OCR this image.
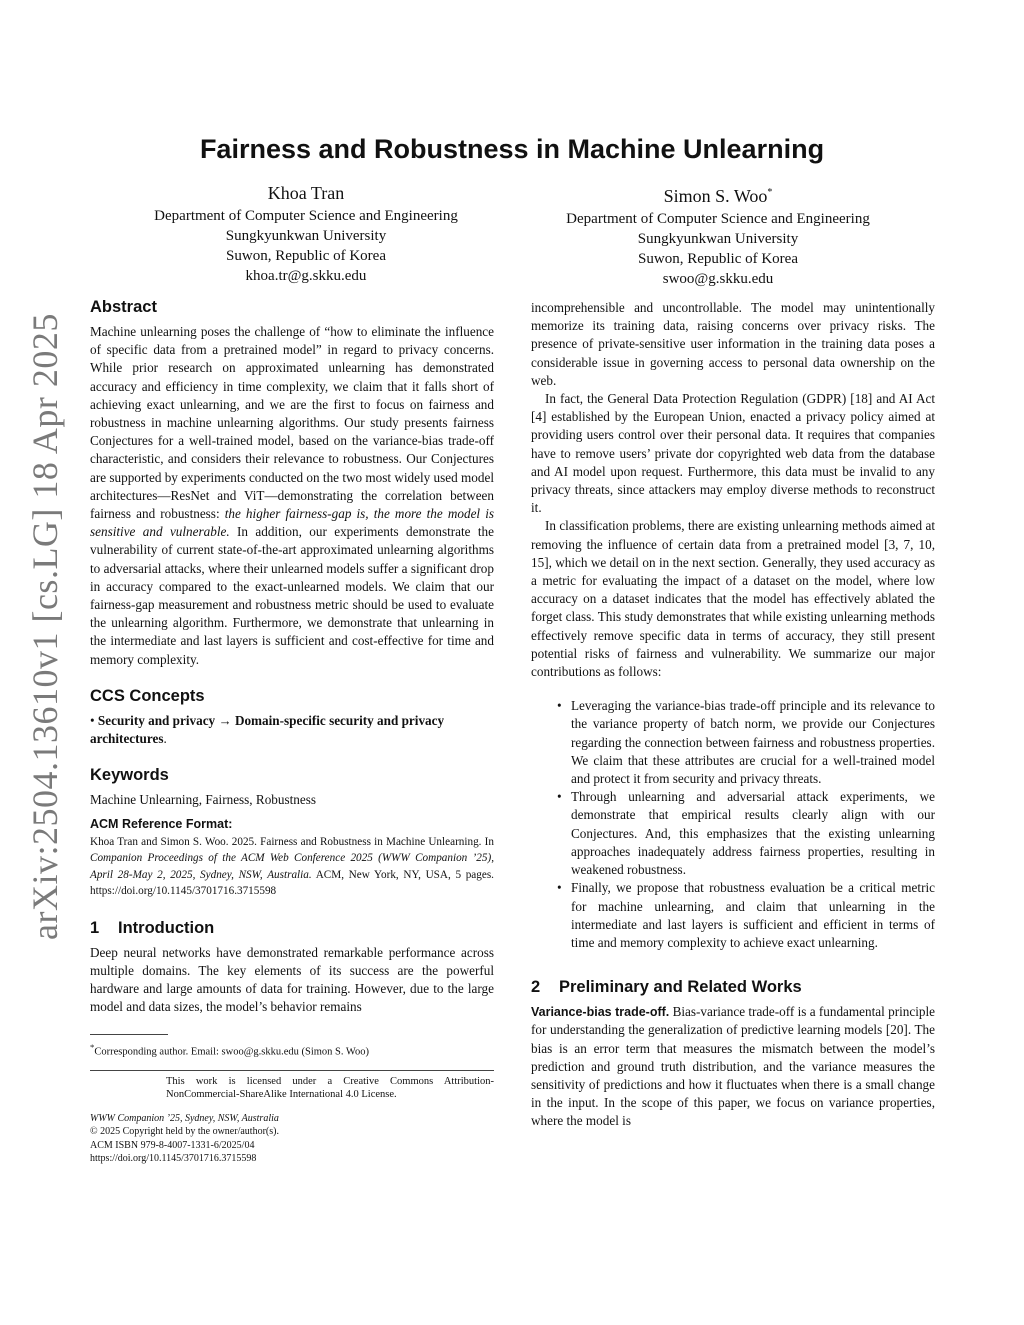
arXiv:2504.13610v1 [cs.LG] 18 Apr 2025
Fairness and Robustness in Machine Unlearning
Khoa Tran
Department of Computer Science and Engineering
Sungkyunkwan University
Suwon, Republic of Korea
khoa.tr@g.skku.edu
Simon S. Woo*
Department of Computer Science and Engineering
Sungkyunkwan University
Suwon, Republic of Korea
swoo@g.skku.edu
Abstract

Machine unlearning poses the challenge of “how to eliminate the influence of specific data from a pretrained model” in regard to privacy concerns. While prior research on approximated unlearning has demonstrated accuracy and efficiency in time complexity, we claim that it falls short of achieving exact unlearning, and we are the first to focus on fairness and robustness in machine unlearning algorithms. Our study presents fairness Conjectures for a well-trained model, based on the variance-bias trade-off characteristic, and considers their relevance to robustness. Our Conjectures are supported by experiments conducted on the two most widely used model architectures—ResNet and ViT—demonstrating the correlation between fairness and robustness: the higher fairness-gap is, the more the model is sensitive and vulnerable. In addition, our experiments demonstrate the vulnerability of current state-of-the-art approximated unlearning algorithms to adversarial attacks, where their unlearned models suffer a significant drop in accuracy compared to the exact-unlearned models. We claim that our fairness-gap measurement and robustness metric should be used to evaluate the unlearning algorithm. Furthermore, we demonstrate that unlearning in the intermediate and last layers is sufficient and cost-effective for time and memory complexity.

CCS Concepts

• Security and privacy → Domain-specific security and privacy architectures.

Keywords

Machine Unlearning, Fairness, Robustness

ACM Reference Format:

Khoa Tran and Simon S. Woo. 2025. Fairness and Robustness in Machine Unlearning. In Companion Proceedings of the ACM Web Conference 2025 (WWW Companion ’25), April 28-May 2, 2025, Sydney, NSW, Australia. ACM, New York, NY, USA, 5 pages. https://doi.org/10.1145/3701716.3715598

1 Introduction

Deep neural networks have demonstrated remarkable performance across multiple domains. The key elements of its success are the powerful hardware and large amounts of data for training. However, due to the large model and data sizes, the model’s behavior remains

*Corresponding author. Email: swoo@g.skku.edu (Simon S. Woo)
This work is licensed under a Creative Commons Attribution-NonCommercial-ShareAlike International 4.0 License.
WWW Companion ’25, Sydney, NSW, Australia
© 2025 Copyright held by the owner/author(s).
ACM ISBN 979-8-4007-1331-6/2025/04
https://doi.org/10.1145/3701716.3715598

incomprehensible and uncontrollable. The model may unintentionally memorize its training data, raising concerns over privacy risks. The presence of private-sensitive user information in the training data poses a considerable issue in governing access to personal data ownership on the web.

In fact, the General Data Protection Regulation (GDPR) [18] and AI Act [4] established by the European Union, enacted a privacy policy aimed at providing users control over their personal data. It requires that companies have to remove users’ private dor copyrighted web data from the database and AI model upon request. Furthermore, this data must be invalid to any privacy threats, since attackers may employ diverse methods to reconstruct it.

In classification problems, there are existing unlearning methods aimed at removing the influence of certain data from a pretrained model [3, 7, 10, 15], which we detail on in the next section. Generally, they used accuracy as a metric for evaluating the impact of a dataset on the model, where low accuracy on a dataset indicates that the model has effectively ablated the forget class. This study demonstrates that while existing unlearning methods effectively remove specific data in terms of accuracy, they still present potential risks of fairness and vulnerability. We summarize our major contributions as follows:

• Leveraging the variance-bias trade-off principle and its relevance to the variance property of batch norm, we provide our Conjectures regarding the connection between fairness and robustness properties. We claim that these attributes are crucial for a well-trained model and protect it from security and privacy threats.
• Through unlearning and adversarial attack experiments, we demonstrate that empirical results clearly align with our Conjectures. And, this emphasizes that the existing unlearning approaches inadequately address fairness properties, resulting in weakened robustness.
• Finally, we propose that robustness evaluation be a critical metric for machine unlearning, and claim that unlearning in the intermediate and last layers is sufficient and efficient in terms of time and memory complexity to achieve exact unlearning.
2 Preliminary and Related Works

Variance-bias trade-off. Bias-variance trade-off is a fundamental principle for understanding the generalization of predictive learning models [20]. The bias is an error term that measures the mismatch between the model’s prediction and ground truth distribution, and the variance measures the sensitivity of predictions and how it fluctuates when there is a small change in the input. In the scope of this paper, we focus on variance properties, where the model is
